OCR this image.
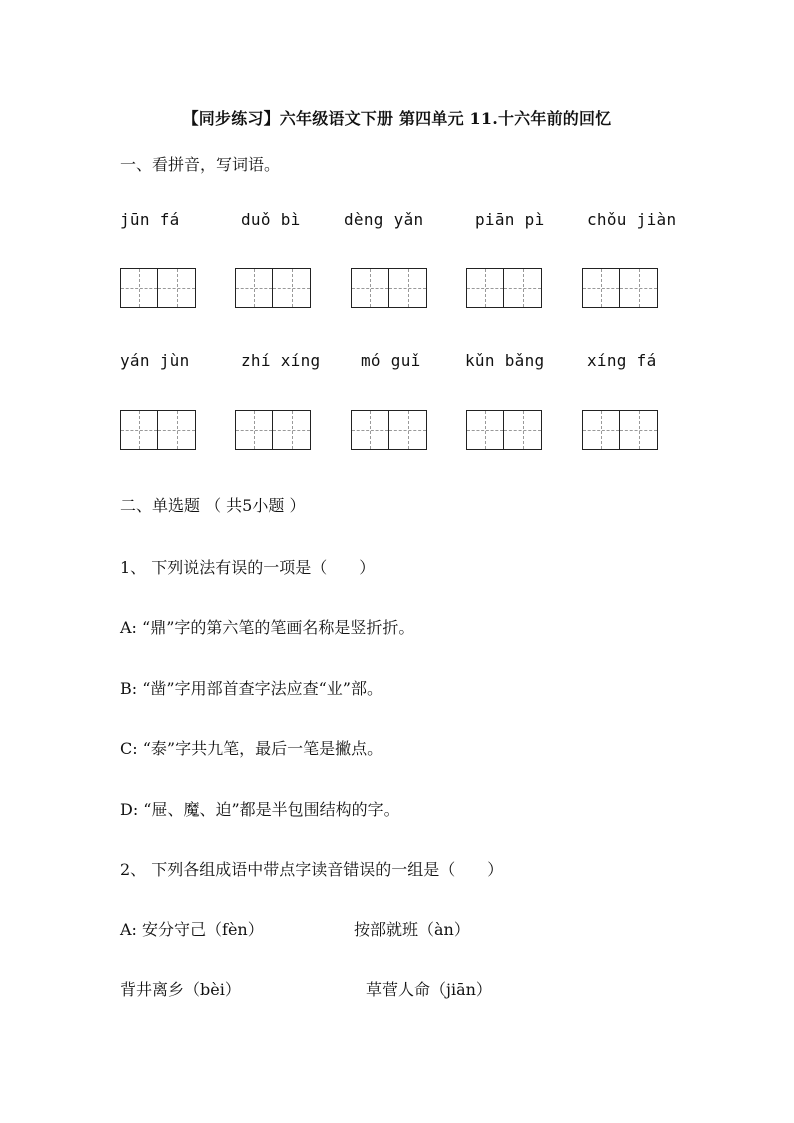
【同步练习】六年级语文下册 第四单元 11.十六年前的回忆
一、看拼音，写词语。
jūn fá	duǒ bì	dèng yǎn	piān pì	chǒu jiàn
yán jùn	zhí xíng	mó guǐ	kǔn bǎng	xíng fá
二、单选题 （ 共5小题 ）
1、 下列说法有误的一项是（　　）
A: “鼎”字的第六笔的笔画名称是竖折折。
B: “凿”字用部首查字法应查“业”部。
C: “泰”字共九笔，最后一笔是撇点。
D: “屉、魔、迫”都是半包围结构的字。
2、 下列各组成语中带点字读音错误的一组是（　　）
A: 安分守己（fèn）	按部就班（àn）
背井离乡（bèi）	草菅人命（jiān）
